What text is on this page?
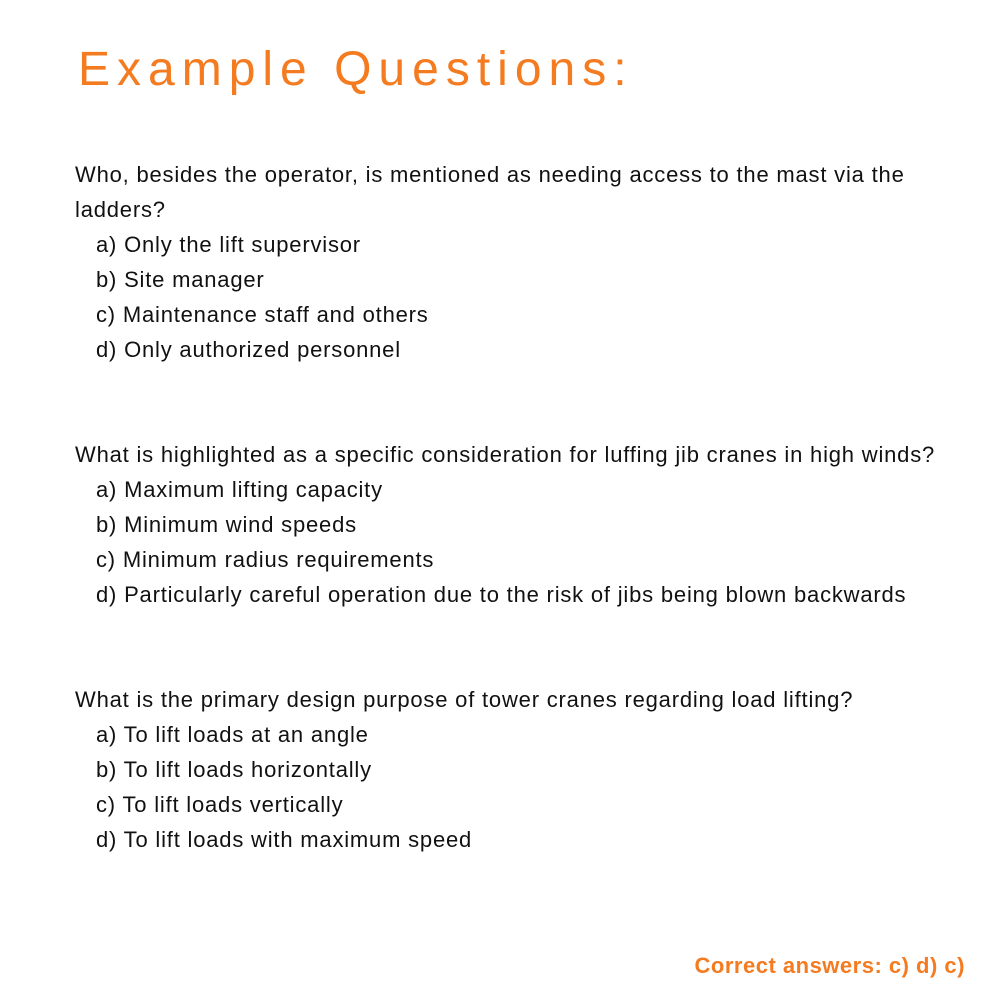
Example Questions:

Who, besides the operator, is mentioned as needing access to the mast via the ladders?

a) Only the lift supervisor

b) Site manager

c) Maintenance staff and others

d) Only authorized personnel

What is highlighted as a specific consideration for luffing jib cranes in high winds?

a) Maximum lifting capacity

b) Minimum wind speeds

c) Minimum radius requirements

d) Particularly careful operation due to the risk of jibs being blown backwards

What is the primary design purpose of tower cranes regarding load lifting?

a) To lift loads at an angle

b) To lift loads horizontally

c) To lift loads vertically

d) To lift loads with maximum speed

Correct answers: c) d) c)
